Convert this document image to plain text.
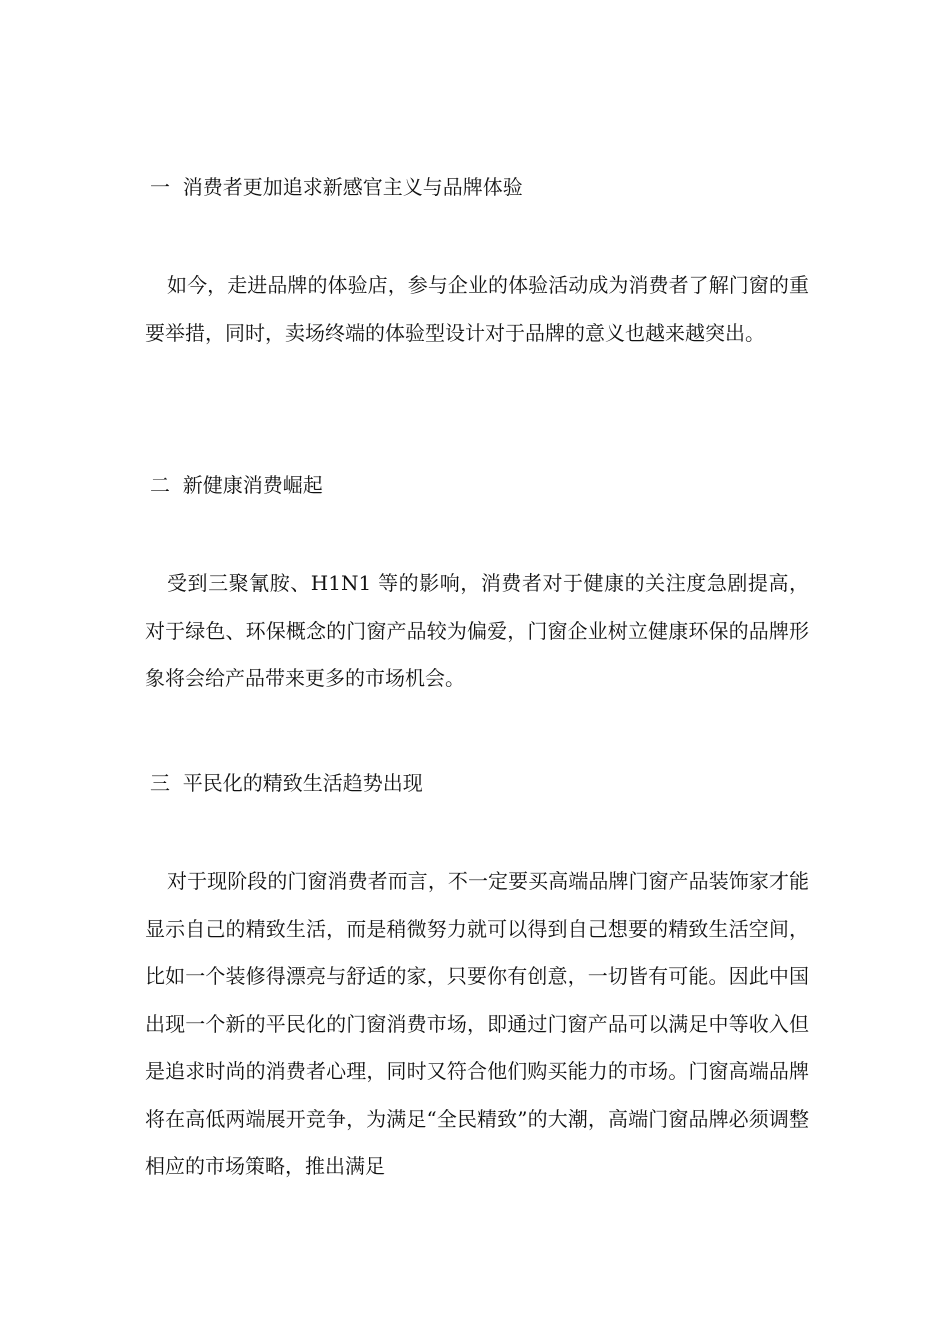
一  消费者更加追求新感官主义与品牌体验

如今，走进品牌的体验店，参与企业的体验活动成为消费者了解门窗的重要举措，同时，卖场终端的体验型设计对于品牌的意义也越来越突出。

二  新健康消费崛起

受到三聚氰胺、H1N1 等的影响，消费者对于健康的关注度急剧提高，对于绿色、环保概念的门窗产品较为偏爱，门窗企业树立健康环保的品牌形象将会给产品带来更多的市场机会。

三  平民化的精致生活趋势出现

对于现阶段的门窗消费者而言，不一定要买高端品牌门窗产品装饰家才能显示自己的精致生活，而是稍微努力就可以得到自己想要的精致生活空间，比如一个装修得漂亮与舒适的家，只要你有创意，一切皆有可能。因此中国出现一个新的平民化的门窗消费市场，即通过门窗产品可以满足中等收入但是追求时尚的消费者心理，同时又符合他们购买能力的市场。门窗高端品牌将在高低两端展开竞争，为满足“全民精致”的大潮，高端门窗品牌必须调整相应的市场策略，推出满足
